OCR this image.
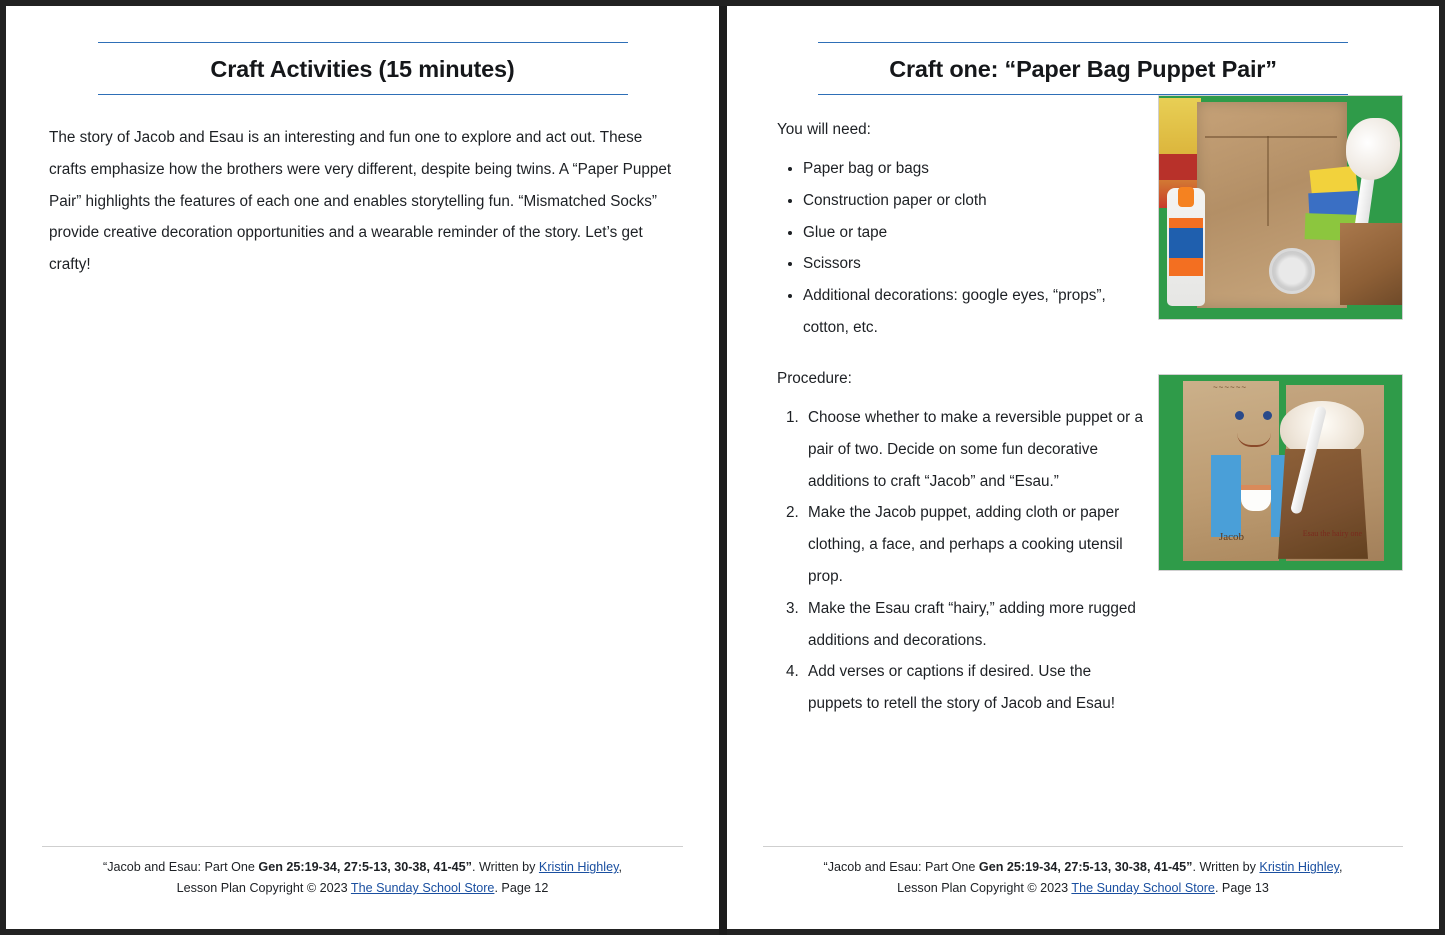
Craft Activities (15 minutes)
The story of Jacob and Esau is an interesting and fun one to explore and act out. These crafts emphasize how the brothers were very different, despite being twins. A “Paper Puppet Pair” highlights the features of each one and enables storytelling fun. “Mismatched Socks” provide creative decoration opportunities and a wearable reminder of the story. Let’s get crafty!
“Jacob and Esau: Part One Gen 25:19-34, 27:5-13, 30-38, 41-45”. Written by Kristin Highley,
Lesson Plan Copyright © 2023 The Sunday School Store. Page 12
Craft one: “Paper Bag Puppet Pair”
You will need:
• Paper bag or bags
• Construction paper or cloth
• Glue or tape
• Scissors
• Additional decorations: google eyes, “props”, cotton, etc.
Procedure:
1. Choose whether to make a reversible puppet or a pair of two. Decide on some fun decorative additions to craft “Jacob” and “Esau.”
2. Make the Jacob puppet, adding cloth or paper clothing, a face, and perhaps a cooking utensil prop.
3. Make the Esau craft “hairy,” adding more rugged additions and decorations.
4. Add verses or captions if desired. Use the puppets to retell the story of Jacob and Esau!
~~~~~~
Jacob	Esau the hairy one
“Jacob and Esau: Part One Gen 25:19-34, 27:5-13, 30-38, 41-45”. Written by Kristin Highley,
Lesson Plan Copyright © 2023 The Sunday School Store. Page 13
